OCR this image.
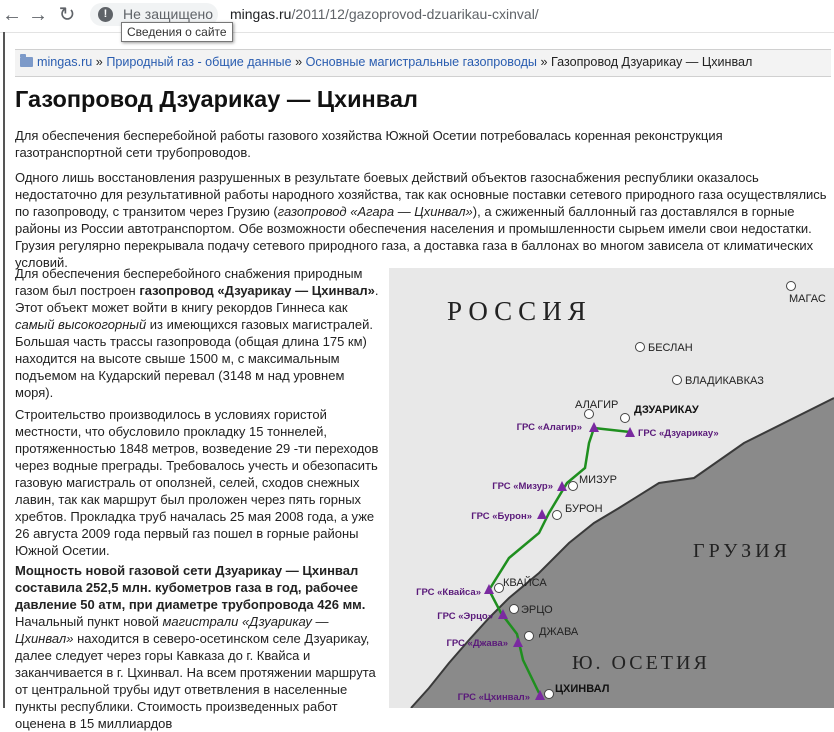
← → ↻	!	Не защищено mingas.ru/2011/12/gazoprovod-dzuarikau-cxinval/
Сведения о сайте
mingas.ru » Природный газ - общие данные » Основные магистральные газопроводы » Газопровод Дзуарикау — Цхинвал
Газопровод Дзуарикау — Цхинвал

Для обеспечения бесперебойной работы газового хозяйства Южной Осетии потребовалась коренная реконструкция газотранспортной сети трубопроводов.

Одного лишь восстановления разрушенных в результате боевых действий объектов газоснабжения республики оказалось недостаточно для результативной работы народного хозяйства, так как основные поставки сетевого природного газа осуществлялись по газопроводу, с транзитом через Грузию (газопровод «Агара — Цхинвал»), а сжиженный баллонный газ доставлялся в горные районы из России автотранспортом. Обе возможности обеспечения населения и промышленности сырьем имели свои недостатки. Грузия регулярно перекрывала подачу сетевого природного газа, а доставка газа в баллонах во многом зависела от климатических условий.

Для обеспечения бесперебойного снабжения природным газом был построен газопровод «Дзуарикау — Цхинвал». Этот объект может войти в книгу рекордов Гиннеса как самый высокогорный из имеющихся газовых магистралей. Большая часть трассы газопровода (общая длина 175 км) находится на высоте свыше 1500 м, с максимальным подъемом на Кударский перевал (3148 м над уровнем моря).

Строительство производилось в условиях гористой местности, что обусловило прокладку 15 тоннелей, протяженностью 1848 метров, возведение 29 -ти переходов через водные преграды. Требовалось учесть и обезопасить газовую магистраль от оползней, селей, сходов снежных лавин, так как маршрут был проложен через пять горных хребтов. Прокладка труб началась 25 мая 2008 года, а уже 26 августа 2009 года первый газ пошел в горные районы Южной Осетии.

Мощность новой газовой сети Дзуарикау — Цхинвал составила 252,5 млн. кубометров газа в год, рабочее давление 50 атм, при диаметре трубопровода 426 мм. Начальный пункт новой магистрали «Дзуарикау — Цхинвал» находится в северо-осетинском селе Дзуарикау, далее следует через горы Кавказа до г. Квайса и заканчивается в г. Цхинвал. На всем протяжении маршрута от центральной трубы идут ответвления в населенные пункты республики. Стоимость произведенных работ оценена в 15 миллиардов

РОССИЯ
ГРУЗИЯ
Ю. ОСЕТИЯ
МАГАС
БЕСЛАН
ВЛАДИКАВКАЗ
АЛАГИР ДЗУАРИКАУ
МИЗУР
БУРОН
КВАЙСА
ЭРЦО
ДЖАВА
ЦХИНВАЛ
ГРС «Алагир»
ГРС «Дзуарикау»
ГРС «Мизур»
ГРС «Бурон»
ГРС «Квайса»
ГРС «Эрцо»
ГРС «Джава»
ГРС «Цхинвал»
